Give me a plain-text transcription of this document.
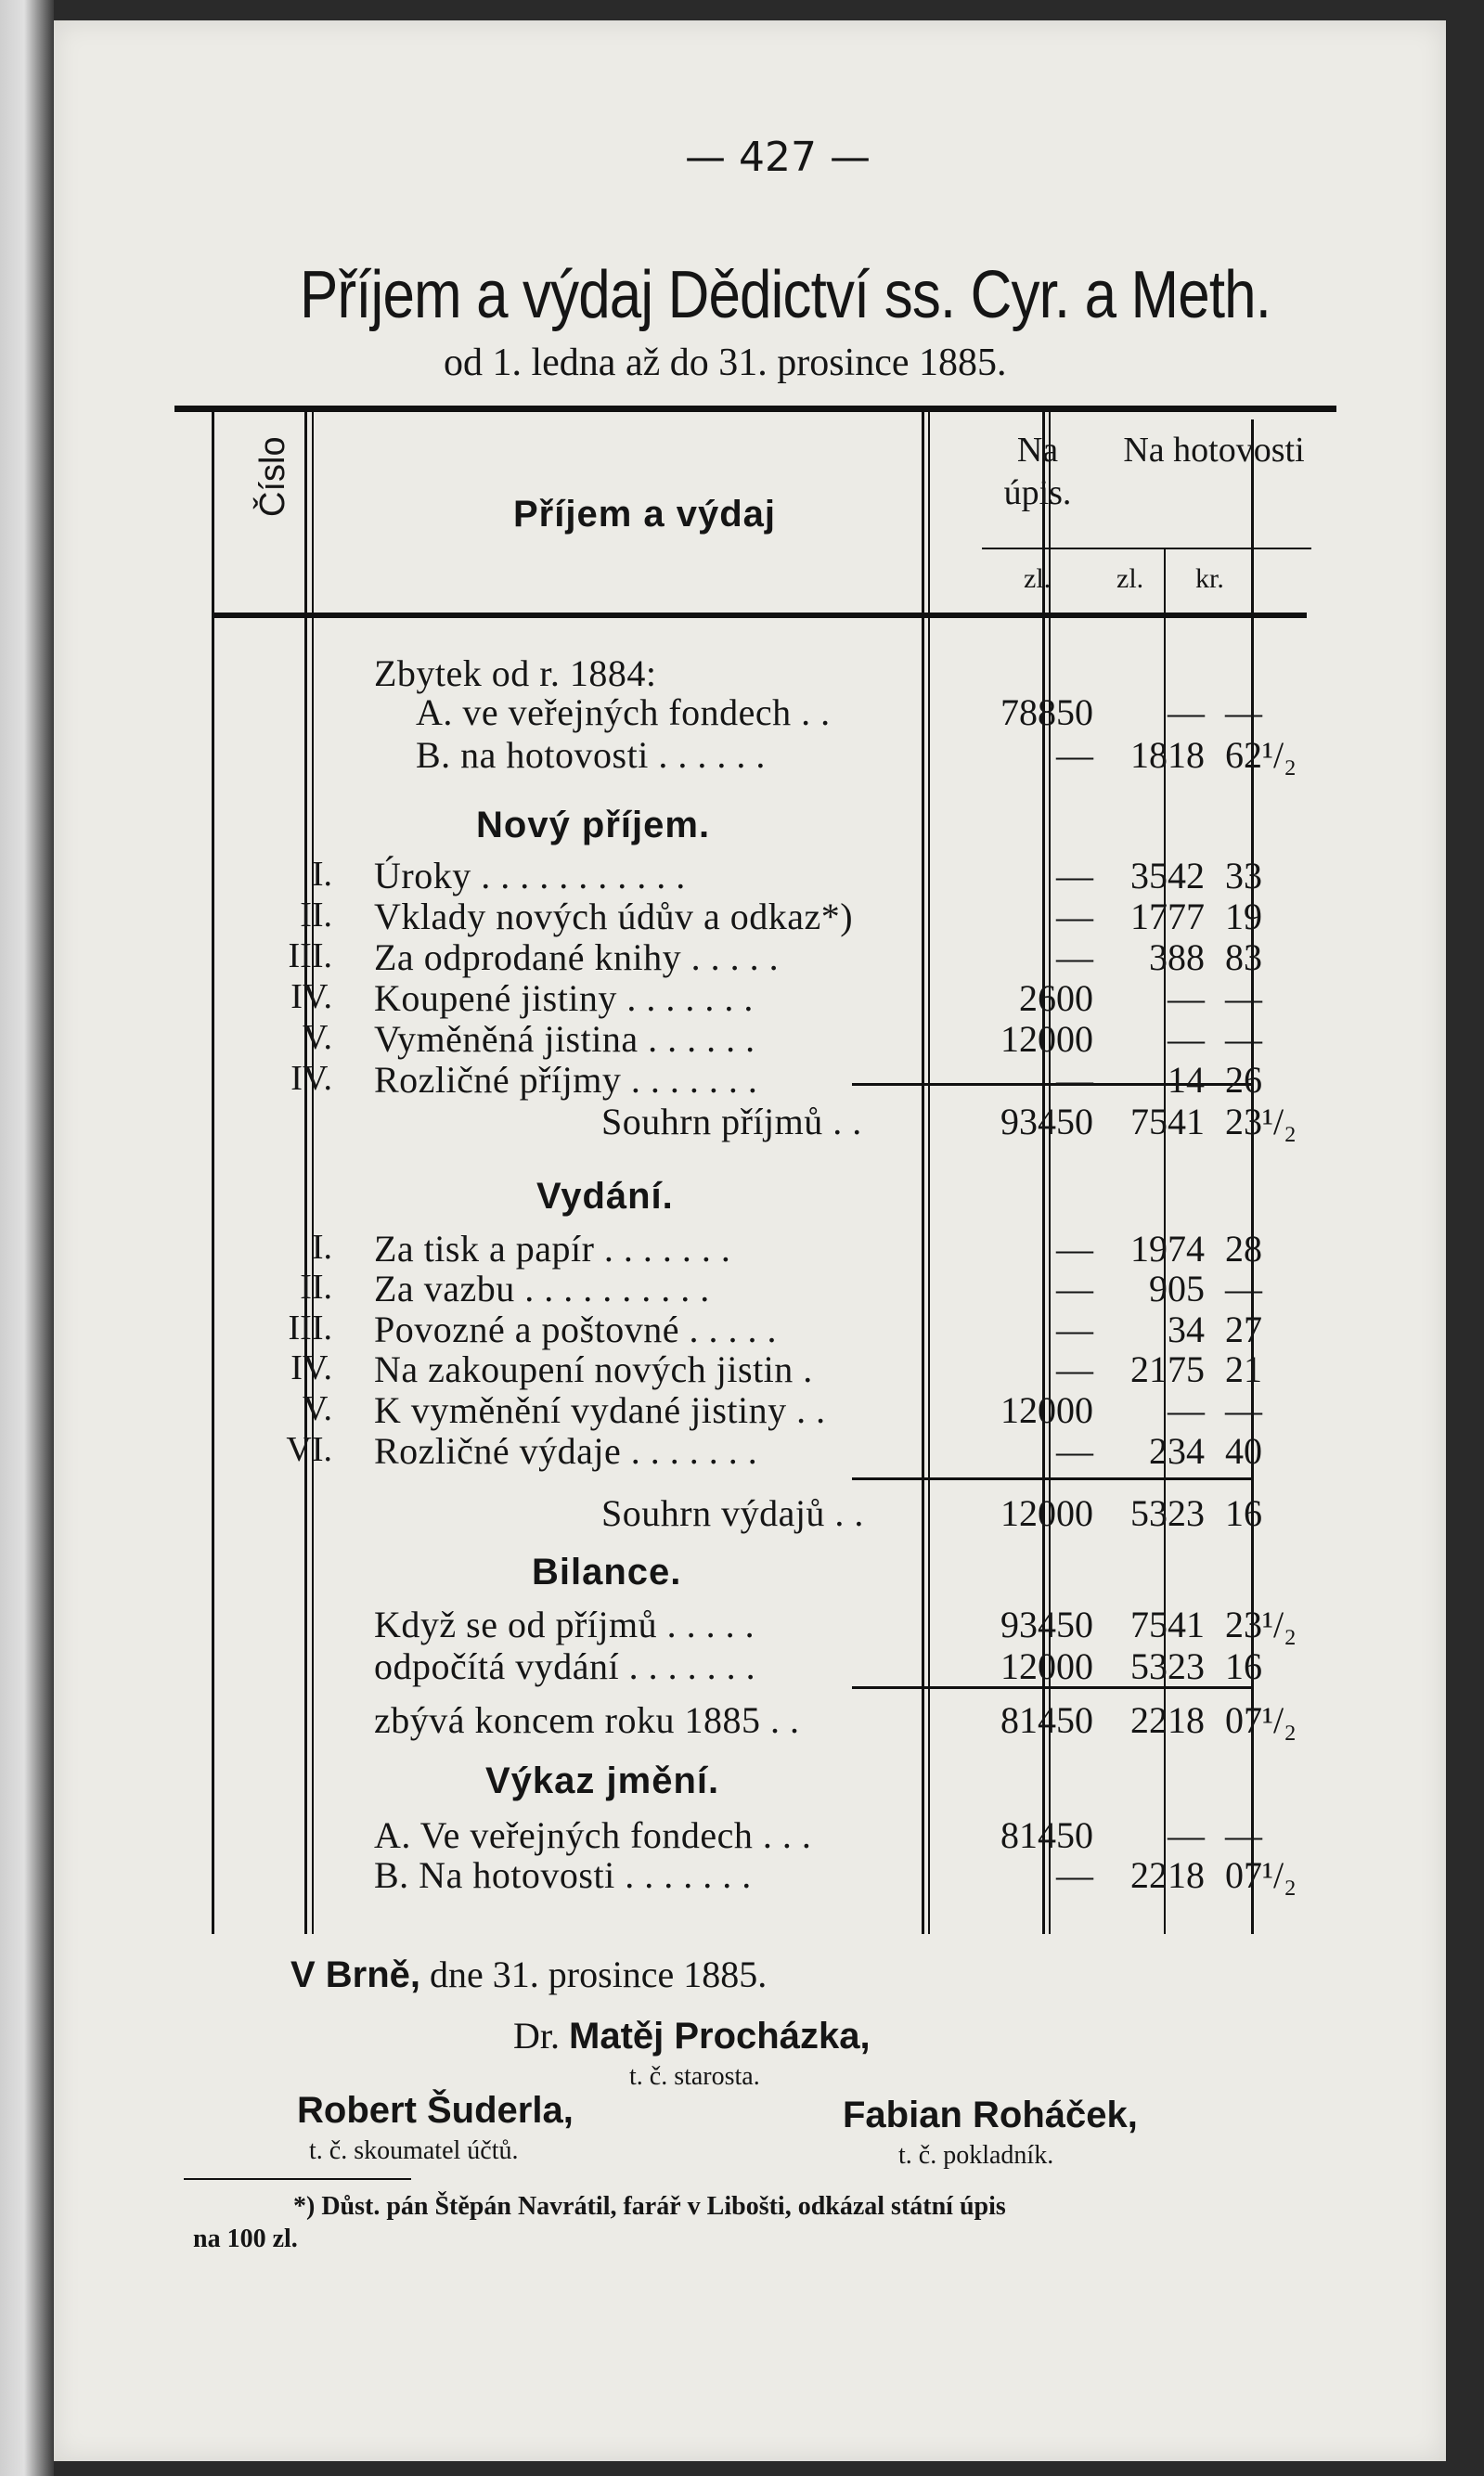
— 427 —
Příjem a výdaj Dědictví ss. Cyr. a Meth.
od 1. ledna až do 31. prosince 1885.
Číslo	Příjem a výdaj
Na úpis.
Na hotovosti
zl. zl. kr.
Nový příjem.
Vydání.
Bilance.
Výkaz jmění.
Zbytek od r. 1884:
A. ve veřejných fondech . .	78850	— —
B. na hotovosti . . . . . .	—	1818 62¹/₂
I. Úroky . . . . . . . . . . .	—	3542 33
II. Vklady nových údův a odkaz*)	—	1777 19
III. Za odprodané knihy . . . . .	—	388 83
IV. Koupené jistiny . . . . . . .	2600	— —
V. Vyměněná jistina . . . . . .	12000	— —
IV. Rozličné příjmy . . . . . . .	—	14 26
Souhrn příjmů . .	93450	7541 23¹/₂
I. Za tisk a papír . . . . . . .	—	1974 28
II. Za vazbu . . . . . . . . . .	—	905 —
III. Povozné a poštovné . . . . .	—	34 27
IV. Na zakoupení nových jistin .	—	2175 21
V. K vyměnění vydané jistiny . .	12000	— —
VI. Rozličné výdaje . . . . . . .	—	234 40
Souhrn výdajů . .	12000	5323 16
Když se od příjmů . . . . .	93450	7541 23¹/₂
odpočítá vydání . . . . . . .	12000	5323 16
zbývá koncem roku 1885 . .	81450	2218 07¹/₂
A. Ve veřejných fondech . . .	81450	— —
B. Na hotovosti . . . . . . .	—	2218 07¹/₂
V Brně, dne 31. prosince 1885.
Dr. Matěj Procházka,
t. č. starosta.
Robert Šuderla,
t. č. skoumatel účtů.
Fabian Roháček,
t. č. pokladník.
*) Důst. pán Štěpán Navrátil, farář v Libošti, odkázal státní úpis
na 100 zl.
